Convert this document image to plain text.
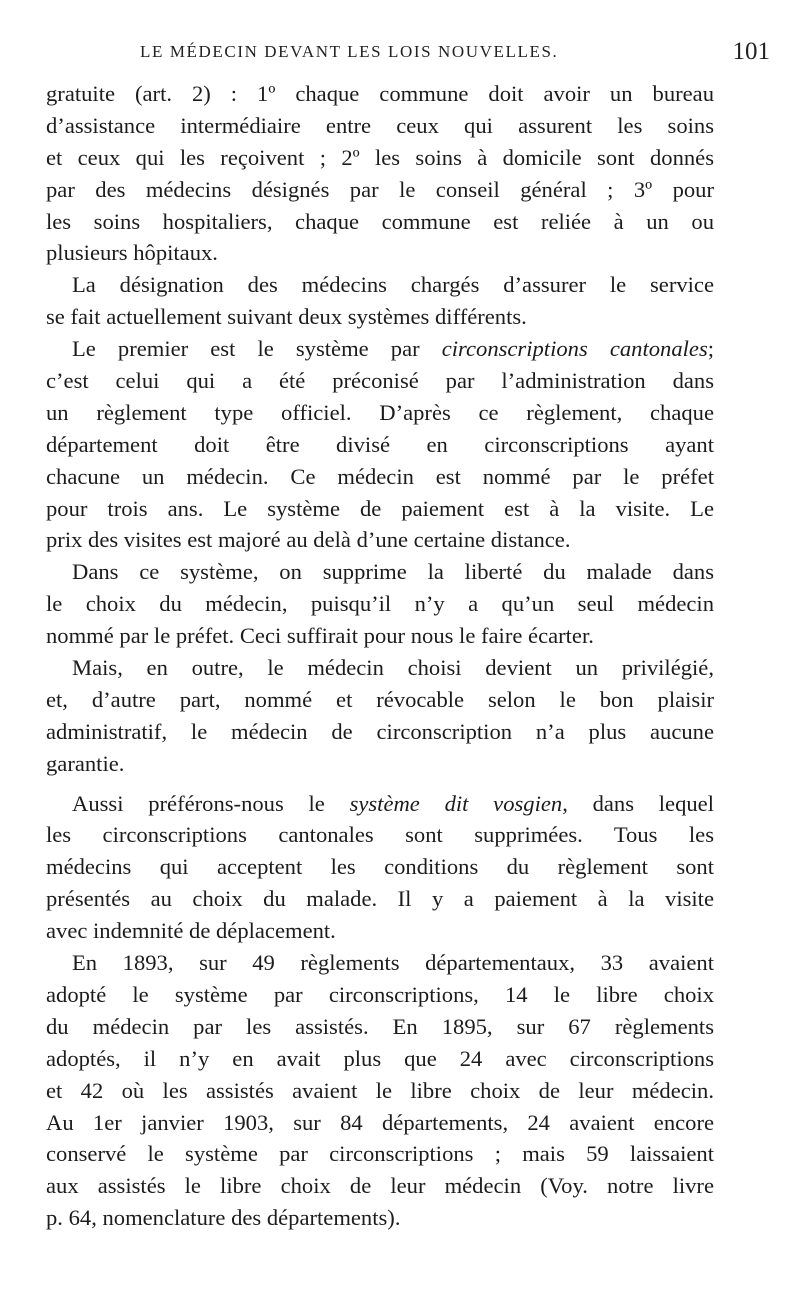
LE MÉDECIN DEVANT LES LOIS NOUVELLES.	101
gratuite (art. 2) : 1º chaque commune doit avoir un bureau
d’assistance intermédiaire entre ceux qui assurent les soins
et ceux qui les reçoivent ; 2º les soins à domicile sont donnés
par des médecins désignés par le conseil général ; 3º pour
les soins hospitaliers, chaque commune est reliée à un ou
plusieurs hôpitaux.
La désignation des médecins chargés d’assurer le service
se fait actuellement suivant deux systèmes différents.
Le premier est le système par circonscriptions cantonales;
c’est celui qui a été préconisé par l’administration dans
un règlement type officiel. D’après ce règlement, chaque
département doit être divisé en circonscriptions ayant
chacune un médecin. Ce médecin est nommé par le préfet
pour trois ans. Le système de paiement est à la visite. Le
prix des visites est majoré au delà d’une certaine distance.
Dans ce système, on supprime la liberté du malade dans
le choix du médecin, puisqu’il n’y a qu’un seul médecin
nommé par le préfet. Ceci suffirait pour nous le faire écarter.
Mais, en outre, le médecin choisi devient un privilégié,
et, d’autre part, nommé et révocable selon le bon plaisir
administratif, le médecin de circonscription n’a plus aucune
garantie.
Aussi préférons-nous le système dit vosgien, dans lequel
les circonscriptions cantonales sont supprimées. Tous les
médecins qui acceptent les conditions du règlement sont
présentés au choix du malade. Il y a paiement à la visite
avec indemnité de déplacement.
En 1893, sur 49 règlements départementaux, 33 avaient
adopté le système par circonscriptions, 14 le libre choix
du médecin par les assistés. En 1895, sur 67 règlements
adoptés, il n’y en avait plus que 24 avec circonscriptions
et 42 où les assistés avaient le libre choix de leur médecin.
Au 1er janvier 1903, sur 84 départements, 24 avaient encore
conservé le système par circonscriptions ; mais 59 laissaient
aux assistés le libre choix de leur médecin (Voy. notre livre
p. 64, nomenclature des départements).
